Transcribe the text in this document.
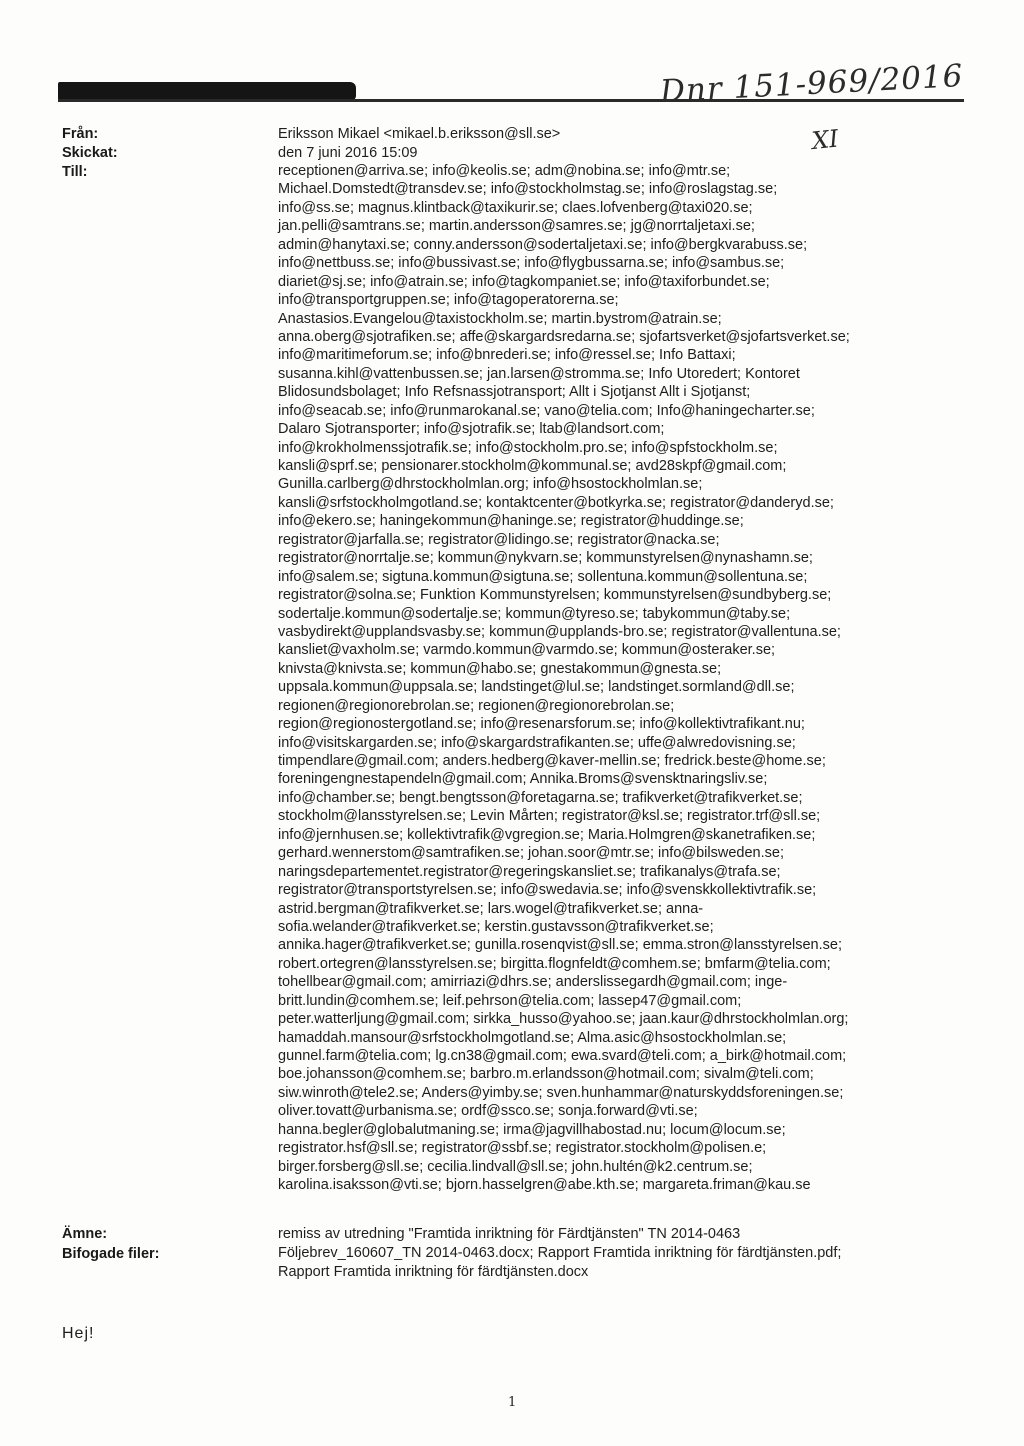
Dnr 151-969/2016
XI
Från:	Eriksson Mikael <mikael.b.eriksson@sll.se>
Skickat:	den 7 juni 2016 15:09
Till:	receptionen@arriva.se; info@keolis.se; adm@nobina.se; info@mtr.se;
Michael.Domstedt@transdev.se; info@stockholmstag.se; info@roslagstag.se;
info@ss.se; magnus.klintback@taxikurir.se; claes.lofvenberg@taxi020.se;
jan.pelli@samtrans.se; martin.andersson@samres.se; jg@norrtaljetaxi.se;
admin@hanytaxi.se; conny.andersson@sodertaljetaxi.se; info@bergkvarabuss.se;
info@nettbuss.se; info@bussivast.se; info@flygbussarna.se; info@sambus.se;
diariet@sj.se; info@atrain.se; info@tagkompaniet.se; info@taxiforbundet.se;
info@transportgruppen.se; info@tagoperatorerna.se;
Anastasios.Evangelou@taxistockholm.se; martin.bystrom@atrain.se;
anna.oberg@sjotrafiken.se; affe@skargardsredarna.se; sjofartsverket@sjofartsverket.se;
info@maritimeforum.se; info@bnrederi.se; info@ressel.se; Info Battaxi;
susanna.kihl@vattenbussen.se; jan.larsen@stromma.se; Info Utoredert; Kontoret
Blidosundsbolaget; Info Refsnassjotransport; Allt i Sjotjanst Allt i Sjotjanst;
info@seacab.se; info@runmarokanal.se; vano@telia.com; Info@haningecharter.se;
Dalaro Sjotransporter; info@sjotrafik.se; ltab@landsort.com;
info@krokholmenssjotrafik.se; info@stockholm.pro.se; info@spfstockholm.se;
kansli@sprf.se; pensionarer.stockholm@kommunal.se; avd28skpf@gmail.com;
Gunilla.carlberg@dhrstockholmlan.org; info@hsostockholmlan.se;
kansli@srfstockholmgotland.se; kontaktcenter@botkyrka.se; registrator@danderyd.se;
info@ekero.se; haningekommun@haninge.se; registrator@huddinge.se;
registrator@jarfalla.se; registrator@lidingo.se; registrator@nacka.se;
registrator@norrtalje.se; kommun@nykvarn.se; kommunstyrelsen@nynashamn.se;
info@salem.se; sigtuna.kommun@sigtuna.se; sollentuna.kommun@sollentuna.se;
registrator@solna.se; Funktion Kommunstyrelsen; kommunstyrelsen@sundbyberg.se;
sodertalje.kommun@sodertalje.se; kommun@tyreso.se; tabykommun@taby.se;
vasbydirekt@upplandsvasby.se; kommun@upplands-bro.se; registrator@vallentuna.se;
kansliet@vaxholm.se; varmdo.kommun@varmdo.se; kommun@osteraker.se;
knivsta@knivsta.se; kommun@habo.se; gnestakommun@gnesta.se;
uppsala.kommun@uppsala.se; landstinget@lul.se; landstinget.sormland@dll.se;
regionen@regionorebrolan.se; regionen@regionorebrolan.se;
region@regionostergotland.se; info@resenarsforum.se; info@kollektivtrafikant.nu;
info@visitskargarden.se; info@skargardstrafikanten.se; uffe@alwredovisning.se;
timpendlare@gmail.com; anders.hedberg@kaver-mellin.se; fredrick.beste@home.se;
foreningengnestapendeln@gmail.com; Annika.Broms@svensktnaringsliv.se;
info@chamber.se; bengt.bengtsson@foretagarna.se; trafikverket@trafikverket.se;
stockholm@lansstyrelsen.se; Levin Mårten; registrator@ksl.se; registrator.trf@sll.se;
info@jernhusen.se; kollektivtrafik@vgregion.se; Maria.Holmgren@skanetrafiken.se;
gerhard.wennerstom@samtrafiken.se; johan.soor@mtr.se; info@bilsweden.se;
naringsdepartementet.registrator@regeringskansliet.se; trafikanalys@trafa.se;
registrator@transportstyrelsen.se; info@swedavia.se; info@svenskkollektivtrafik.se;
astrid.bergman@trafikverket.se; lars.wogel@trafikverket.se; anna-
sofia.welander@trafikverket.se; kerstin.gustavsson@trafikverket.se;
annika.hager@trafikverket.se; gunilla.rosenqvist@sll.se; emma.stron@lansstyrelsen.se;
robert.ortegren@lansstyrelsen.se; birgitta.flognfeldt@comhem.se; bmfarm@telia.com;
tohellbear@gmail.com; amirriazi@dhrs.se; anderslissegardh@gmail.com; inge-
britt.lundin@comhem.se; leif.pehrson@telia.com; lassep47@gmail.com;
peter.watterljung@gmail.com; sirkka_husso@yahoo.se; jaan.kaur@dhrstockholmlan.org;
hamaddah.mansour@srfstockholmgotland.se; Alma.asic@hsostockholmlan.se;
gunnel.farm@telia.com; lg.cn38@gmail.com; ewa.svard@teli.com; a_birk@hotmail.com;
boe.johansson@comhem.se; barbro.m.erlandsson@hotmail.com; sivalm@teli.com;
siw.winroth@tele2.se; Anders@yimby.se; sven.hunhammar@naturskyddsforeningen.se;
oliver.tovatt@urbanisma.se; ordf@ssco.se; sonja.forward@vti.se;
hanna.begler@globalutmaning.se; irma@jagvillhabostad.nu; locum@locum.se;
registrator.hsf@sll.se; registrator@ssbf.se; registrator.stockholm@polisen.e;
birger.forsberg@sll.se; cecilia.lindvall@sll.se; john.hultén@k2.centrum.se;
karolina.isaksson@vti.se; bjorn.hasselgren@abe.kth.se; margareta.friman@kau.se
Ämne:	remiss av utredning "Framtida inriktning för Färdtjänsten" TN 2014-0463
Bifogade filer:	Följebrev_160607_TN 2014-0463.docx; Rapport Framtida inriktning för färdtjänsten.pdf;
Rapport Framtida inriktning för färdtjänsten.docx
Hej!
1
